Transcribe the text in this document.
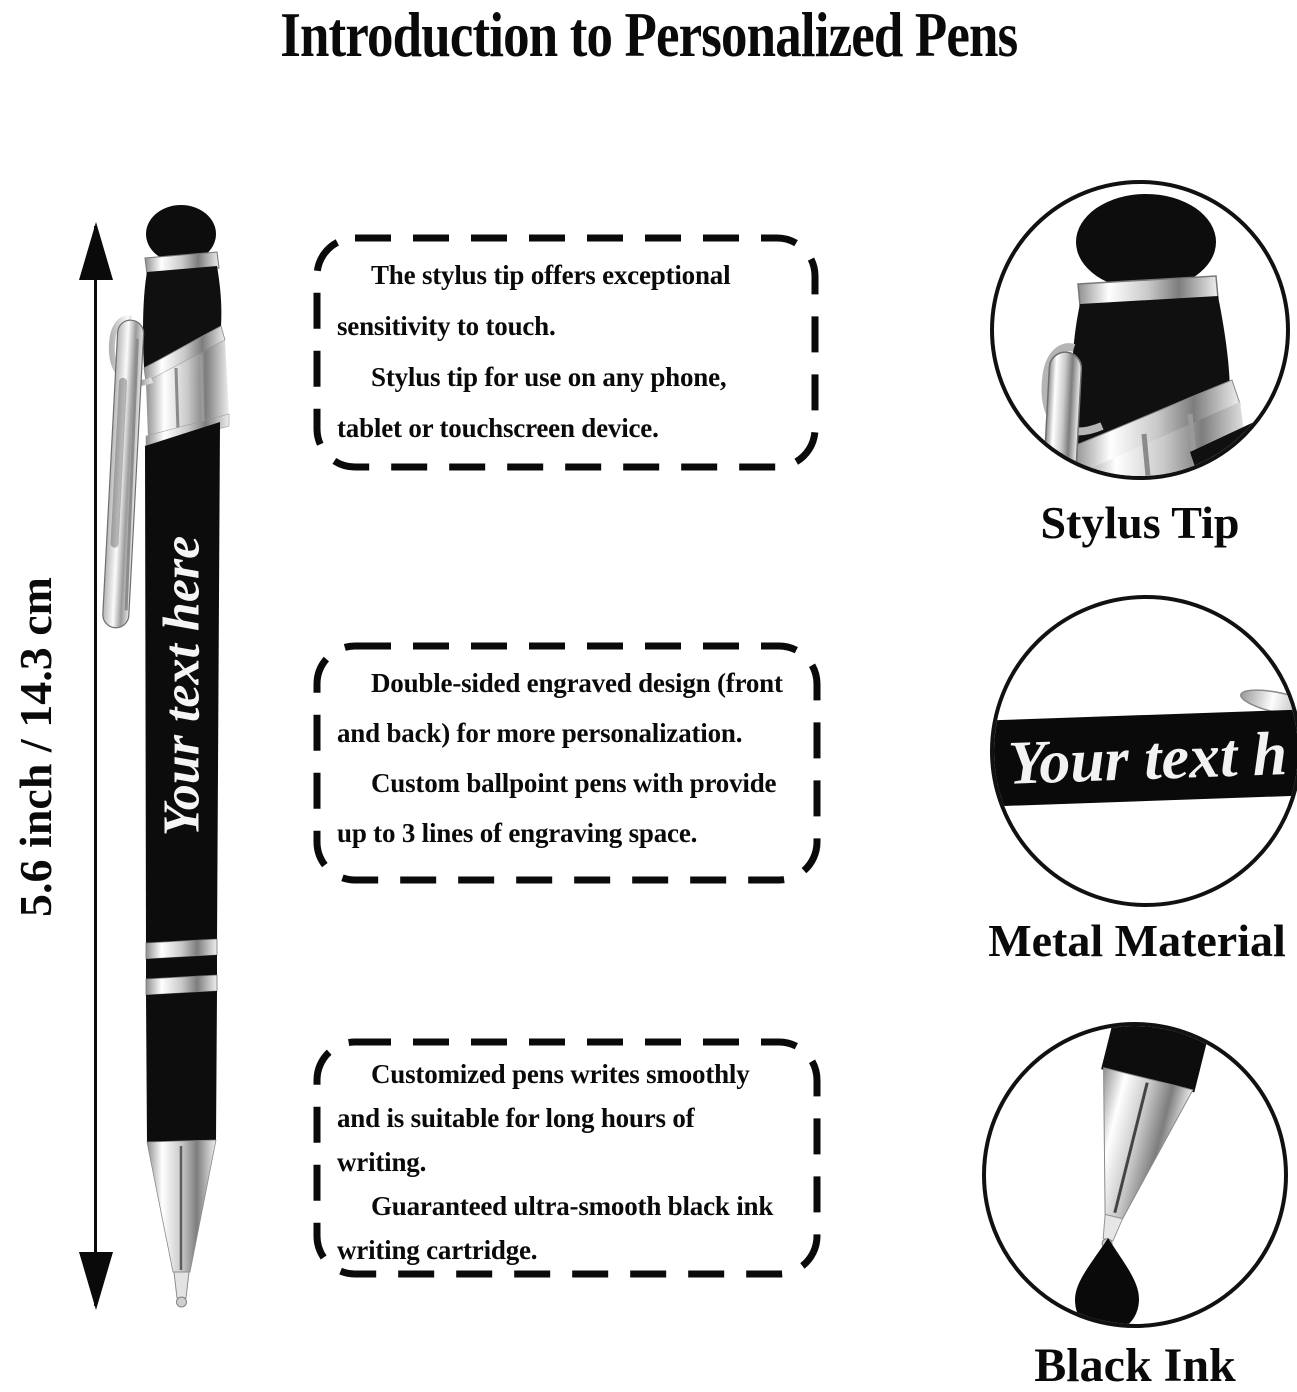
Introduction to Personalized Pens
5.6 inch / 14.3 cm Your text here
The stylus tip offers exceptional
sensitivity to touch.
Stylus tip for use on any phone,
tablet or touchscreen device.
Double-sided engraved design (front
and back) for more personalization.
Custom ballpoint pens with provide
up to 3 lines of engraving space.
Customized pens writes smoothly
and is suitable for long hours of
writing.
Guaranteed ultra-smooth black ink
writing cartridge.
Stylus Tip
Your text h
Metal Material
Black Ink
